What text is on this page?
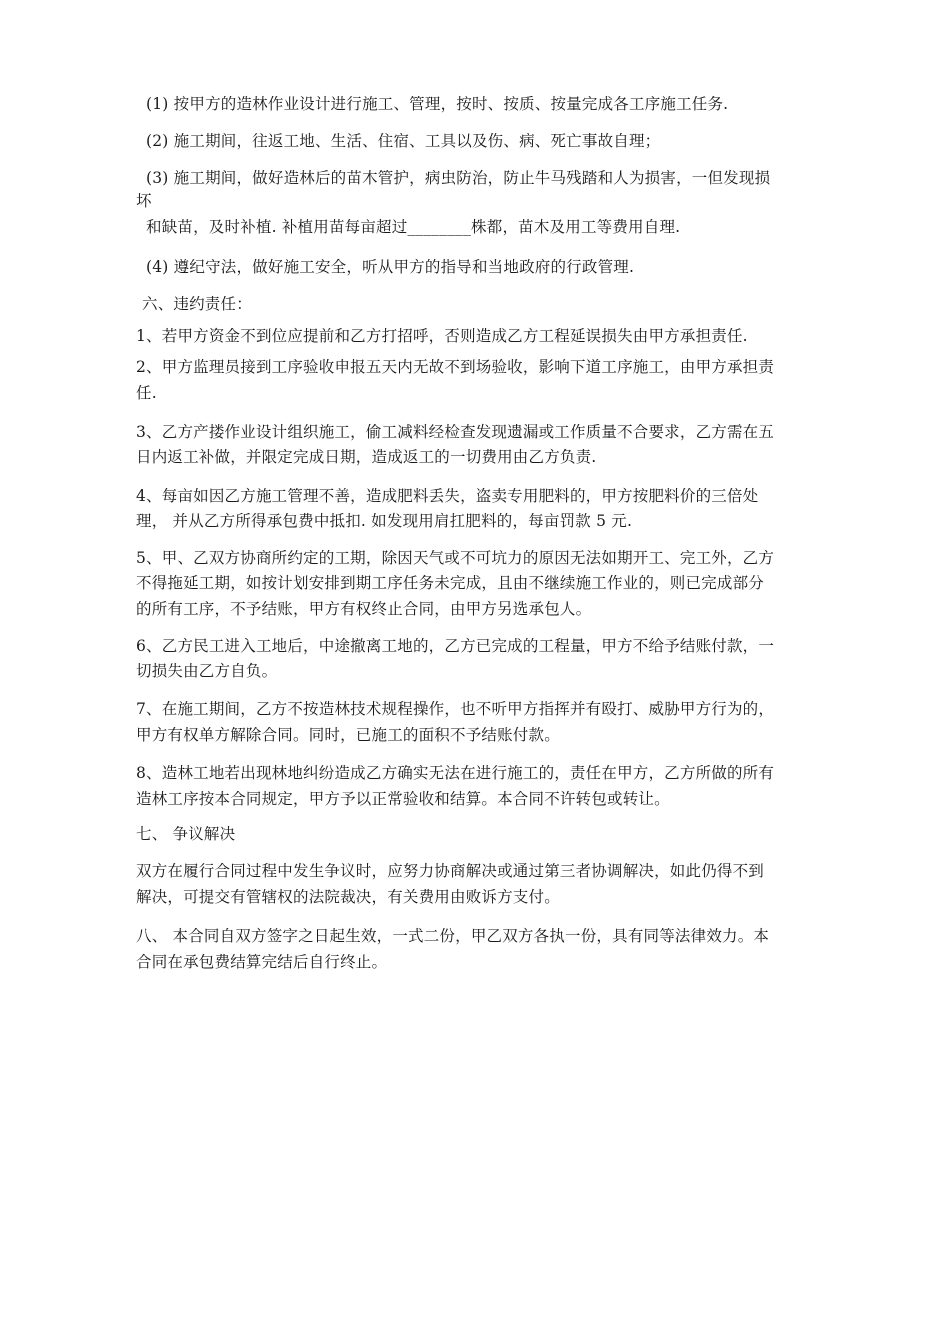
(1) 按甲方的造林作业设计进行施工、管理，按时、按质、按量完成各工序施工任务.
(2) 施工期间，往返工地、生活、住宿、工具以及伤、病、死亡事故自理；
(3) 施工期间，做好造林后的苗木管护，病虫防治，防止牛马残踏和人为损害，一但发现损
坏
和缺苗，及时补植. 补植用苗每亩超过________株都，苗木及用工等费用自理.
(4) 遵纪守法，做好施工安全，听从甲方的指导和当地政府的行政管理.
六、违约责任：
1、若甲方资金不到位应提前和乙方打招呼，否则造成乙方工程延误损失由甲方承担责任.
2、甲方监理员接到工序验收申报五天内无故不到场验收，影响下道工序施工，由甲方承担责
任.
3、乙方产搂作业设计组织施工，偷工减料经检查发现遗漏或工作质量不合要求，乙方需在五
日内返工补做，并限定完成日期，造成返工的一切费用由乙方负责.
4、每亩如因乙方施工管理不善，造成肥料丢失，盗卖专用肥料的，甲方按肥料价的三倍处
理， 并从乙方所得承包费中抵扣. 如发现用肩扛肥料的，每亩罚款 5 元.
5、甲、乙双方协商所约定的工期，除因天气或不可坑力的原因无法如期开工、完工外，乙方
不得拖延工期，如按计划安排到期工序任务未完成，且由不继续施工作业的，则已完成部分
的所有工序，不予结账，甲方有权终止合同，由甲方另选承包人。
6、乙方民工进入工地后，中途撤离工地的，乙方已完成的工程量，甲方不给予结账付款，一
切损失由乙方自负。
7、在施工期间，乙方不按造林技术规程操作，也不听甲方指挥并有殴打、威胁甲方行为的，
甲方有权单方解除合同。同时，已施工的面积不予结账付款。
8、造林工地若出现林地纠纷造成乙方确实无法在进行施工的，责任在甲方，乙方所做的所有
造林工序按本合同规定，甲方予以正常验收和结算。本合同不许转包或转让。
七、 争议解决
双方在履行合同过程中发生争议时，应努力协商解决或通过第三者协调解决，如此仍得不到
解决，可提交有管辖权的法院裁决，有关费用由败诉方支付。
八、 本合同自双方签字之日起生效，一式二份，甲乙双方各执一份，具有同等法律效力。本
合同在承包费结算完结后自行终止。
